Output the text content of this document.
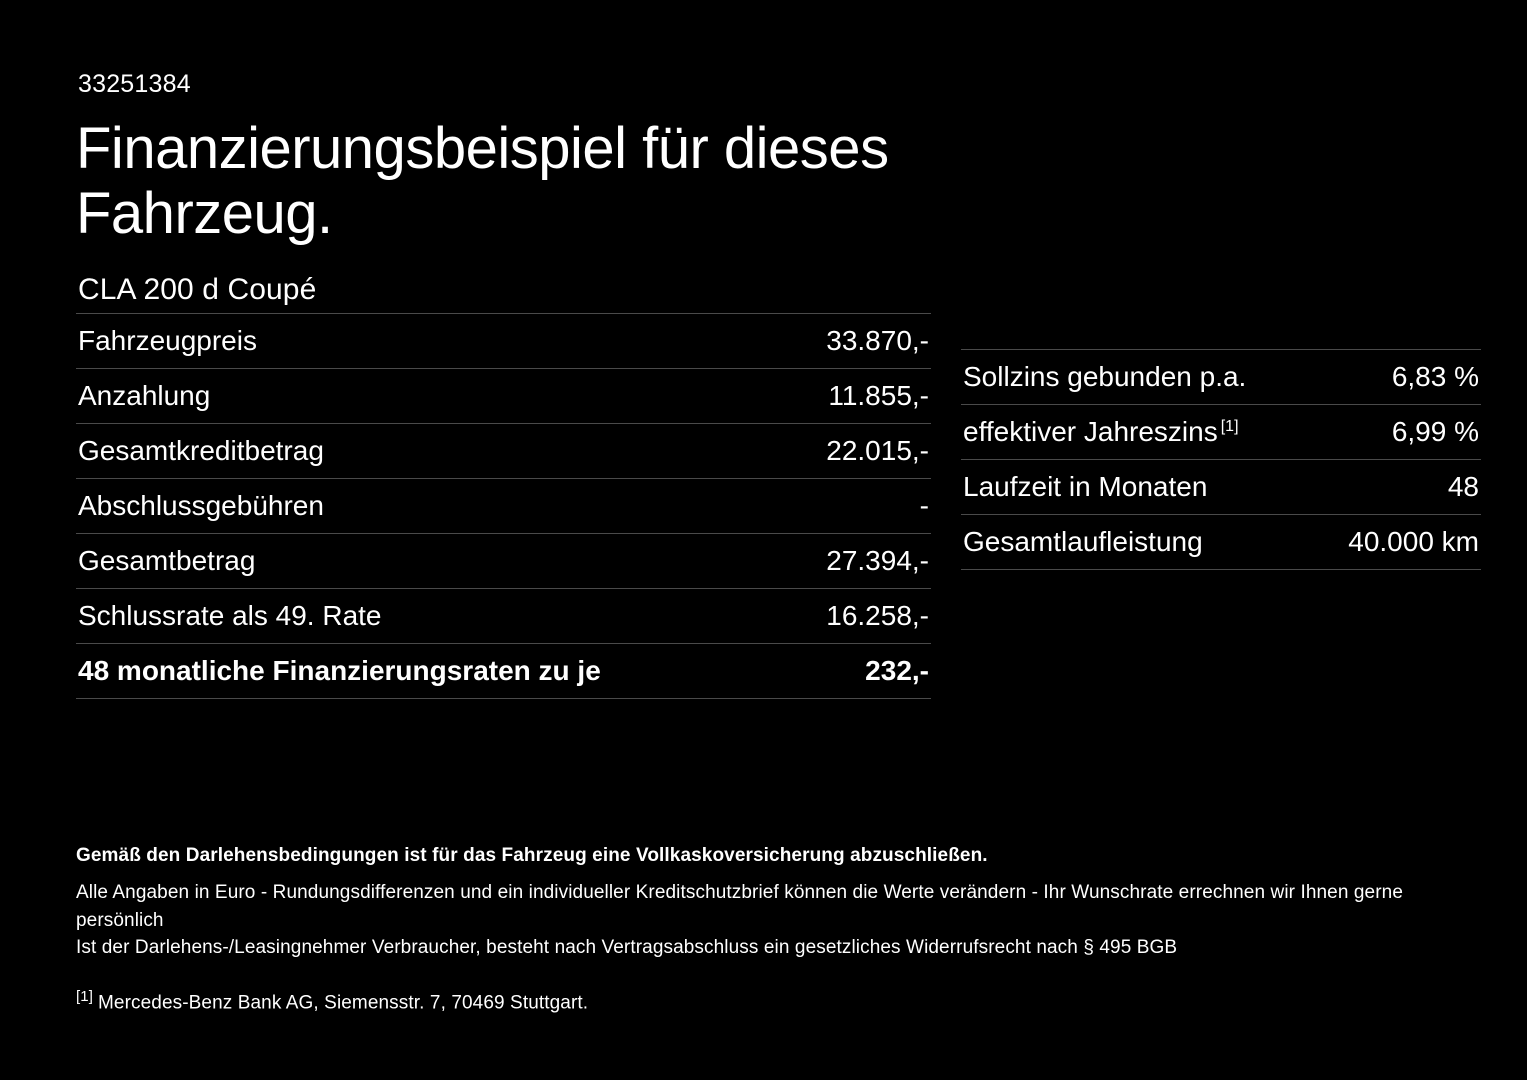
33251384
Finanzierungsbeispiel für dieses Fahrzeug.
CLA 200 d Coupé
Fahrzeugpreis	33.870,-
Anzahlung	11.855,-
Gesamtkreditbetrag	22.015,-
Abschlussgebühren	-
Gesamtbetrag	27.394,-
Schlussrate als 49. Rate	16.258,-
48 monatliche Finanzierungsraten zu je	232,-
Sollzins gebunden p.a.	6,83 %
effektiver Jahreszins [1]	6,99 %
Laufzeit in Monaten	48
Gesamtlaufleistung	40.000 km
Gemäß den Darlehensbedingungen ist für das Fahrzeug eine Vollkaskoversicherung abzuschließen.
Alle Angaben in Euro - Rundungsdifferenzen und ein individueller Kreditschutzbrief können die Werte verändern - Ihr Wunschrate errechnen wir Ihnen gerne persönlich
Ist der Darlehens-/Leasingnehmer Verbraucher, besteht nach Vertragsabschluss ein gesetzliches Widerrufsrecht nach § 495 BGB
[1] Mercedes-Benz Bank AG, Siemensstr. 7, 70469 Stuttgart.
